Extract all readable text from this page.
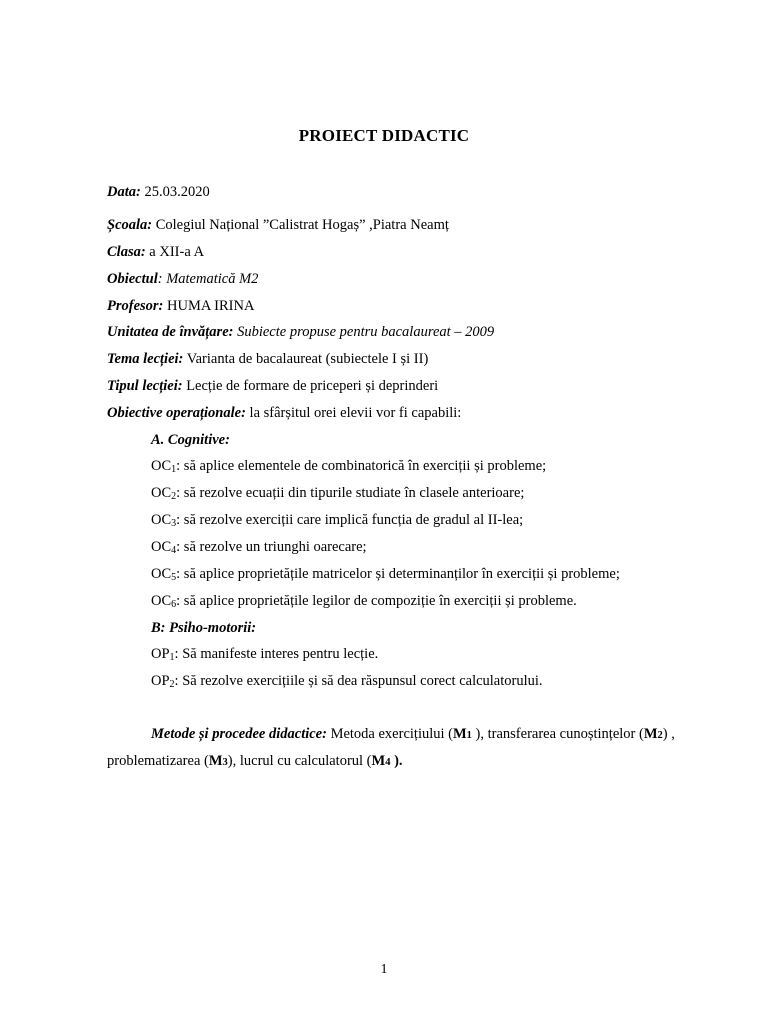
PROIECT DIDACTIC
Data: 25.03.2020
Școala: Colegiul Național ”Calistrat Hogaș” ,Piatra Neamț
Clasa: a XII-a A
Obiectul: Matematică M2
Profesor: HUMA IRINA
Unitatea de învățare: Subiecte propuse pentru bacalaureat – 2009
Tema lecției: Varianta de bacalaureat (subiectele I și II)
Tipul lecției: Lecție de formare de priceperi și deprinderi
Obiective operaționale: la sfârșitul orei elevii vor fi capabili:
A. Cognitive:
$OC_1$: să aplice elementele de combinatorică în exerciții și probleme;
$OC_2$: să rezolve ecuații din tipurile studiate în clasele anterioare;
$OC_3$: să rezolve exerciții care implică funcția de gradul al II-lea;
$OC_4$: să rezolve un triunghi oarecare;
$OC_5$: să aplice proprietățile matricelor și determinanților în exerciții și probleme;
$OC_6$: să aplice proprietățile legilor de compoziție în exerciții și probleme.
B: Psiho-motorii:
$OP_1$: Să manifeste interes pentru lecție.
$OP_2$: Să rezolve exercițiile și să dea răspunsul corect calculatorului.
Metode și procedee didactice: Metoda exercițiului (M1 ), transferarea cunoștințelor (M2) ,
problematizarea (M3), lucrul cu calculatorul (M4 ).
1
